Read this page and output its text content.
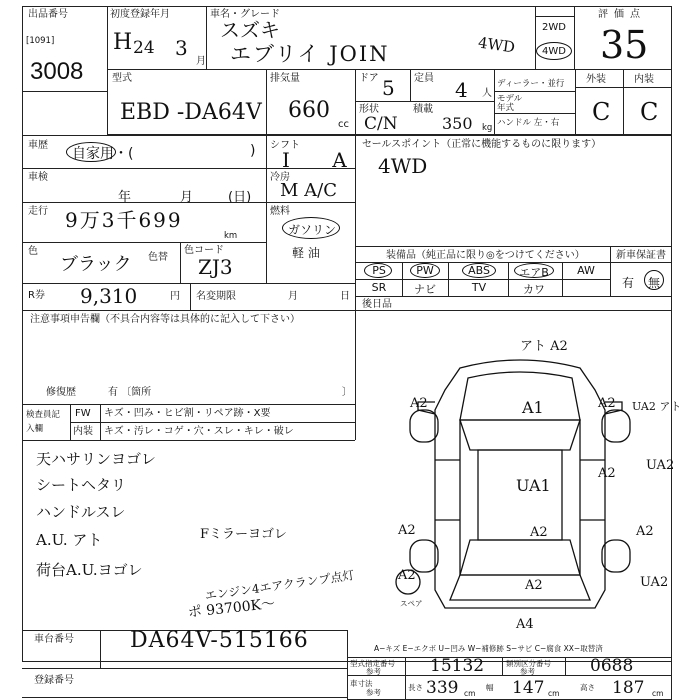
出品番号
[1091]
3008
初度登録年月
H 24 3
月
車名・グレード
スズキ
エブリイ JOIN	4WD
2WD
4WD
評価点
35
型式
EBD -DA64V
排気量
660
cc
ドア 5 定員 4 人
形状
C/N
積載
350 kg
ディーラー・並行
モデル年式
ハンドル 左・右
外装	内装
C C
車歴
自家用・(	) シフト
I A
車検
年	月	(日)
冷房
M A/C
走行 9万3千699
km
燃料
ガソリン
軽 油
色
ブラック 色替
色コード
ZJ3
R券 9,310	円 名変期限	月	日
セールスポイント（正常に機能するものに限ります）
4WD
装備品（純正品に限り◎をつけてください）	新車保証書
PS	PW	ABS	エアB	AW
SR	ナビ	TV	カワ	有 無
後日品
注意事項申告欄（不具合内容等は具体的に記入して下さい）
修復歴	有 〔箇所	〕
検査員記入欄
FW キズ・凹み・ヒビ割・リペア跡・X要
内装 キズ・汚レ・コゲ・穴・スレ・キレ・破レ
天ハサリンヨゴレ
シートヘタリ
ハンドルスレ
A.U. アト
荷台A.U.ヨゴレ
Fミラーヨゴレ
エンジン4エアクランプ点灯
ポ 93700K〜
アト A2
A2	A1	A2 UA2 アト
A2
UA1
UA2
A2	A2	A2
UA2
A2
A2
A4
スペア
車台番号	DA64V-515166
登録番号
A−キズ E−エクボ U−凹み W−補修跡 S−サビ C−腐食 XX−取替済
型式指定番号
参考	15132	類別区分番号
参考	0688
車寸法
参考
長さ 339 cm
幅 147 cm
高さ 187 cm
